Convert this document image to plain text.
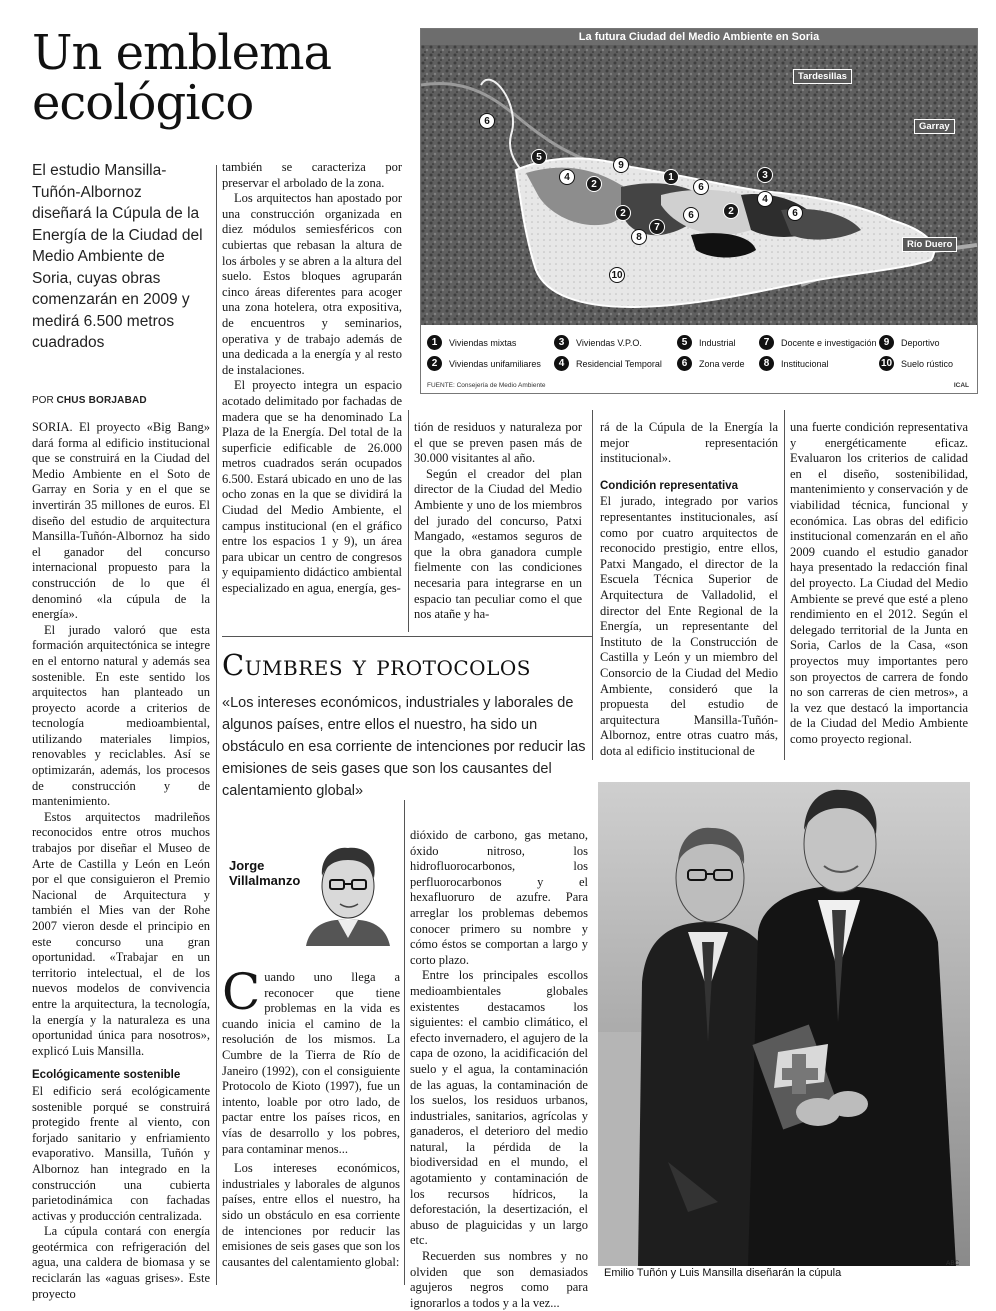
Un emblema
ecológico
El estudio Mansilla-Tuñón-Albornoz diseñará la Cúpula de la Energía de la Ciudad del Medio Ambiente de Soria, cuyas obras comenzarán en 2009 y medirá 6.500 metros cuadrados
POR CHUS BORJABAD
La futura Ciudad del Medio Ambiente en Soria
Tardesillas
Garray
Río Duero
6
5
4
2
9
1
6
3
2
7
8
6	2
4
6
10
1	Viviendas mixtas
2	Viviendas unifamiliares
3	Viviendas V.P.O.
4	Residencial Temporal
5	Industrial
6	Zona verde
7	Docente e investigación
8	Institucional
9	Deportivo
10 Suelo rústico
FUENTE: Consejería de Medio Ambiente	ICAL

SORIA. El proyecto «Big Bang» dará forma al edificio institucional que se construirá en la Ciudad del Medio Ambiente en el Soto de Garray en Soria y en el que se invertirán 35 millones de euros. El diseño del estudio de arquitectura Mansilla-Tuñón-Albornoz ha sido el ganador del concurso internacional propuesto para la construcción de lo que él denominó «la cúpula de la energía».

El jurado valoró que esta formación arquitectónica se integre en el entorno natural y además sea sostenible. En este sentido los arquitectos han planteado un proyecto acorde a criterios de tecnología medioambiental, utilizando materiales limpios, renovables y reciclables. Así se optimizarán, además, los procesos de construcción y de mantenimiento.

Estos arquitectos madrileños reconocidos entre otros muchos trabajos por diseñar el Museo de Arte de Castilla y León en León por el que consiguieron el Premio Nacional de Arquitectura y también el Mies van der Rohe 2007 vieron desde el principio en este concurso una gran oportunidad. «Trabajar en un territorio intelectual, el de los nuevos modelos de convivencia entre la arquitectura, la tecnología, la energía y la naturaleza es una oportunidad única para nosotros», explicó Luis Mansilla.

Ecológicamente sostenible

El edificio será ecológicamente sostenible porqué se construirá protegido frente al viento, con forjado sanitario y enfriamiento evaporativo. Mansilla, Tuñón y Albornoz han integrado en la construcción una cubierta parietodinámica con fachadas activas y producción centralizada.

La cúpula contará con energía geotérmica con refrigeración del agua, una caldera de biomasa y se reciclarán las «aguas grises». Este proyecto

también se caracteriza por preservar el arbolado de la zona.

Los arquitectos han apostado por una construcción organizada en diez módulos semiesféricos con cubiertas que rebasan la altura de los árboles y se abren a la altura del suelo. Estos bloques agruparán cinco áreas diferentes para acoger una zona hotelera, otra expositiva, de encuentros y seminarios, operativa y de trabajo además de una dedicada a la energía y al resto de instalaciones.

El proyecto integra un espacio acotado delimitado por fachadas de madera que se ha denominado La Plaza de la Energía. Del total de la superficie edificable de 26.000 metros cuadrados serán ocupados 6.500. Estará ubicado en uno de las ocho zonas en la que se dividirá la Ciudad del Medio Ambiente, el campus institucional (en el gráfico entre los espacios 1 y 9), un área para ubicar un centro de congresos y equipamiento didáctico ambiental especializado en agua, energía, ges-

tión de residuos y naturaleza por el que se preven pasen más de 30.000 visitantes al año.

Según el creador del plan director de la Ciudad del Medio Ambiente y uno de los miembros del jurado del concurso, Patxi Mangado, «estamos seguros de que la obra ganadora cumple fielmente con las condiciones necesaria para integrarse en un espacio tan peculiar como el que nos atañe y ha-

rá de la Cúpula de la Energía la mejor representación institucional».

Condición representativa

El jurado, integrado por varios representantes institucionales, así como por cuatro arquitectos de reconocido prestigio, entre ellos, Patxi Mangado, el director de la Escuela Técnica Superior de Arquitectura de Valladolid, el director del Ente Regional de la Energía, un representante del Instituto de la Construcción de Castilla y León y un miembro del Consorcio de la Ciudad del Medio Ambiente, consideró que la propuesta del estudio de arquitectura Mansilla-Tuñón-Albornoz, entre otras cuatro más, dota al edificio institucional de

una fuerte condición representativa y energéticamente eficaz. Evaluaron los criterios de calidad en el diseño, sostenibilidad, mantenimiento y conservación y de viabilidad técnica, funcional y económica. Las obras del edificio institucional comenzarán en el año 2009 cuando el estudio ganador haya presentado la redacción final del proyecto. La Ciudad del Medio Ambiente se prevé que esté a pleno rendimiento en el 2012. Según el delegado territorial de la Junta en Soria, Carlos de la Casa, «son proyectos muy importantes pero son proyectos de carrera de fondo no son carreras de cien metros», a la vez que destacó la importancia de la Ciudad del Medio Ambiente como proyecto regional.

Cumbres y protocolos
«Los intereses económicos, industriales y laborales de algunos países, entre ellos el nuestro, ha sido un obstáculo en esa corriente de intenciones por reducir las emisiones de seis gases que son los causantes del calentamiento global»
Jorge
Villalmanzo

Cuando uno llega a reconocer que tiene problemas en la vida es cuando inicia el camino de la resolución de los mismos. La Cumbre de la Tierra de Río de Janeiro (1992), con el consiguiente Protocolo de Kioto (1997), fue un intento, loable por otro lado, de pactar entre los países ricos, en vías de desarrollo y los pobres, para contaminar menos...

Los intereses económicos, industriales y laborales de algunos países, entre ellos el nuestro, ha sido un obstáculo en esa corriente de intenciones por reducir las emisiones de seis gases que son los causantes del calentamiento global:

dióxido de carbono, gas metano, óxido nitroso, los hidrofluorocarbonos, los perfluorocarbonos y el hexafluoruro de azufre. Para arreglar los problemas debemos conocer primero su nombre y cómo éstos se comportan a largo y corto plazo.

Entre los principales escollos medioambientales globales existentes destacamos los siguientes: el cambio climático, el efecto invernadero, el agujero de la capa de ozono, la acidificación del suelo y el agua, la contaminación de las aguas, la contaminación de los suelos, los residuos urbanos, industriales, sanitarios, agrícolas y ganaderos, el deterioro del medio natural, la pérdida de la biodiversidad en el mundo, el agotamiento y contaminación de los recursos hídricos, la deforestación, la desertización, el abuso de plaguicidas y un largo etc.

Recuerden sus nombres y no olviden que son demasiados agujeros negros como para ignorarlos a todos y a la vez...

Emilio Tuñón y Luis Mansilla diseñarán la cúpula
ABC
